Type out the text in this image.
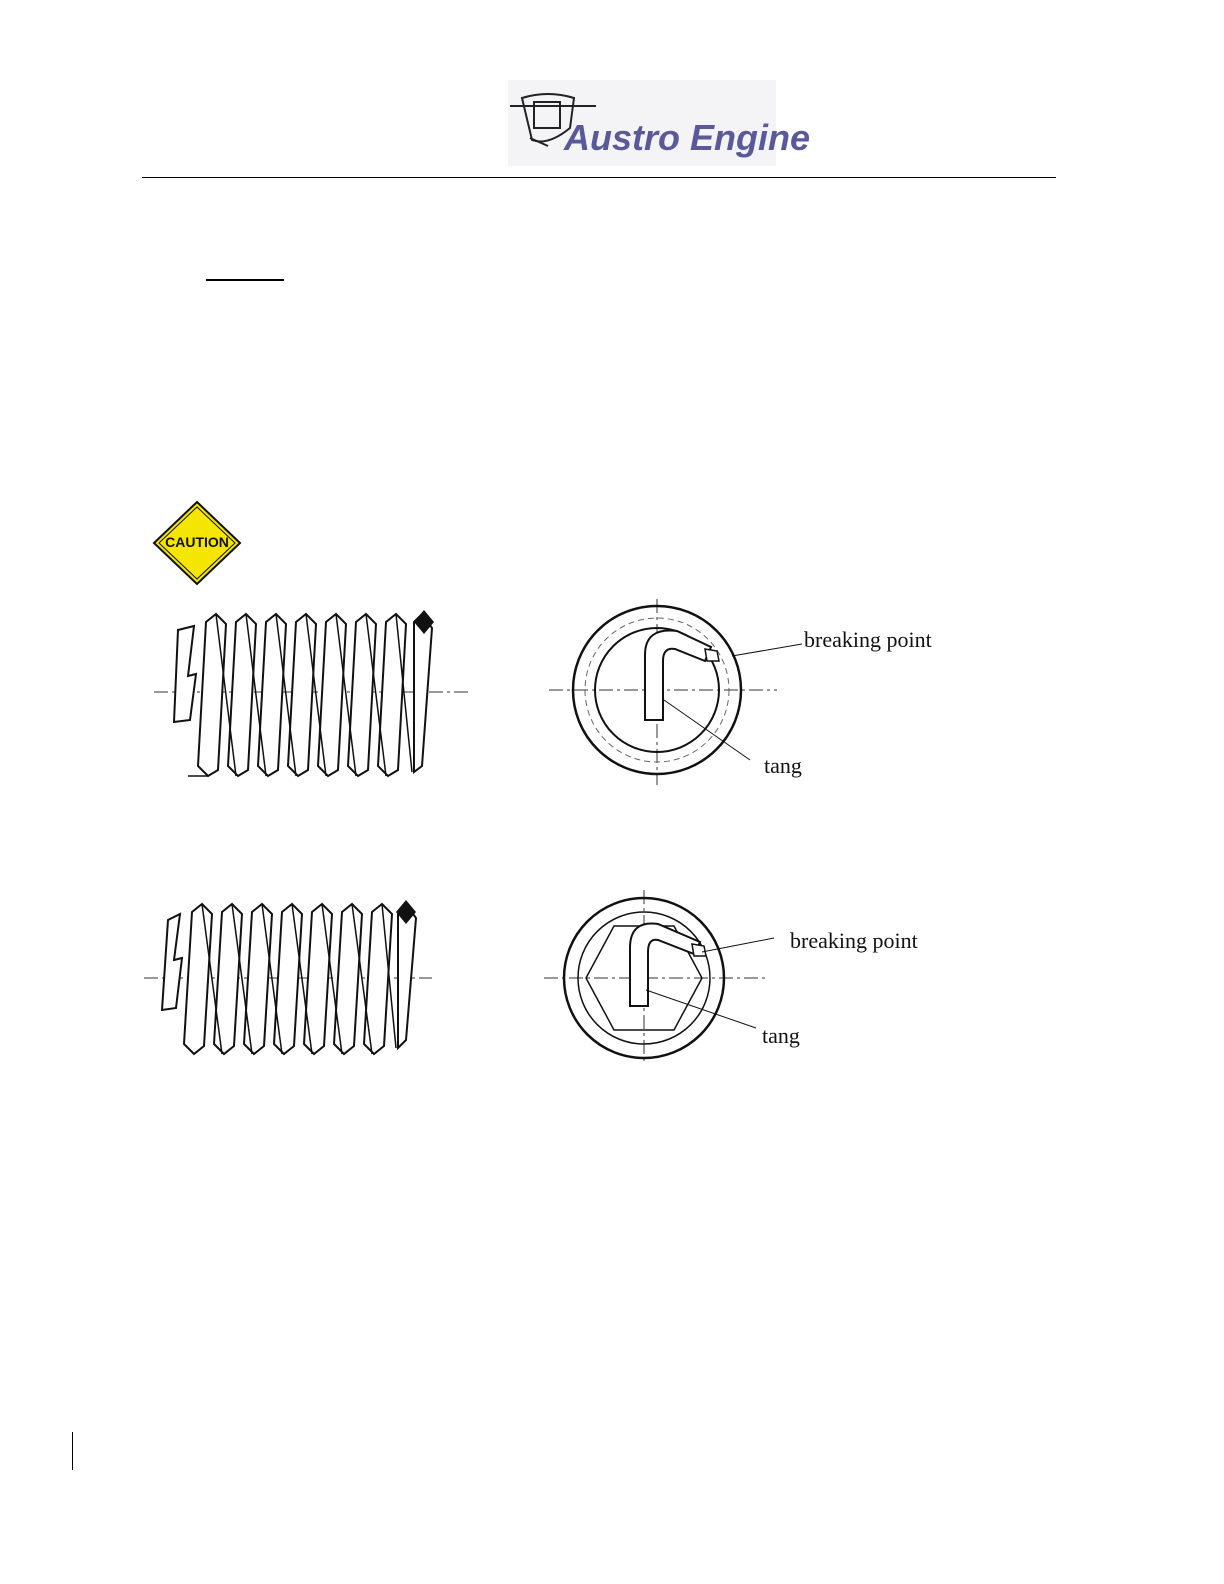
Austro Engine
CAUTION
breaking point
tang
breaking point
tang
